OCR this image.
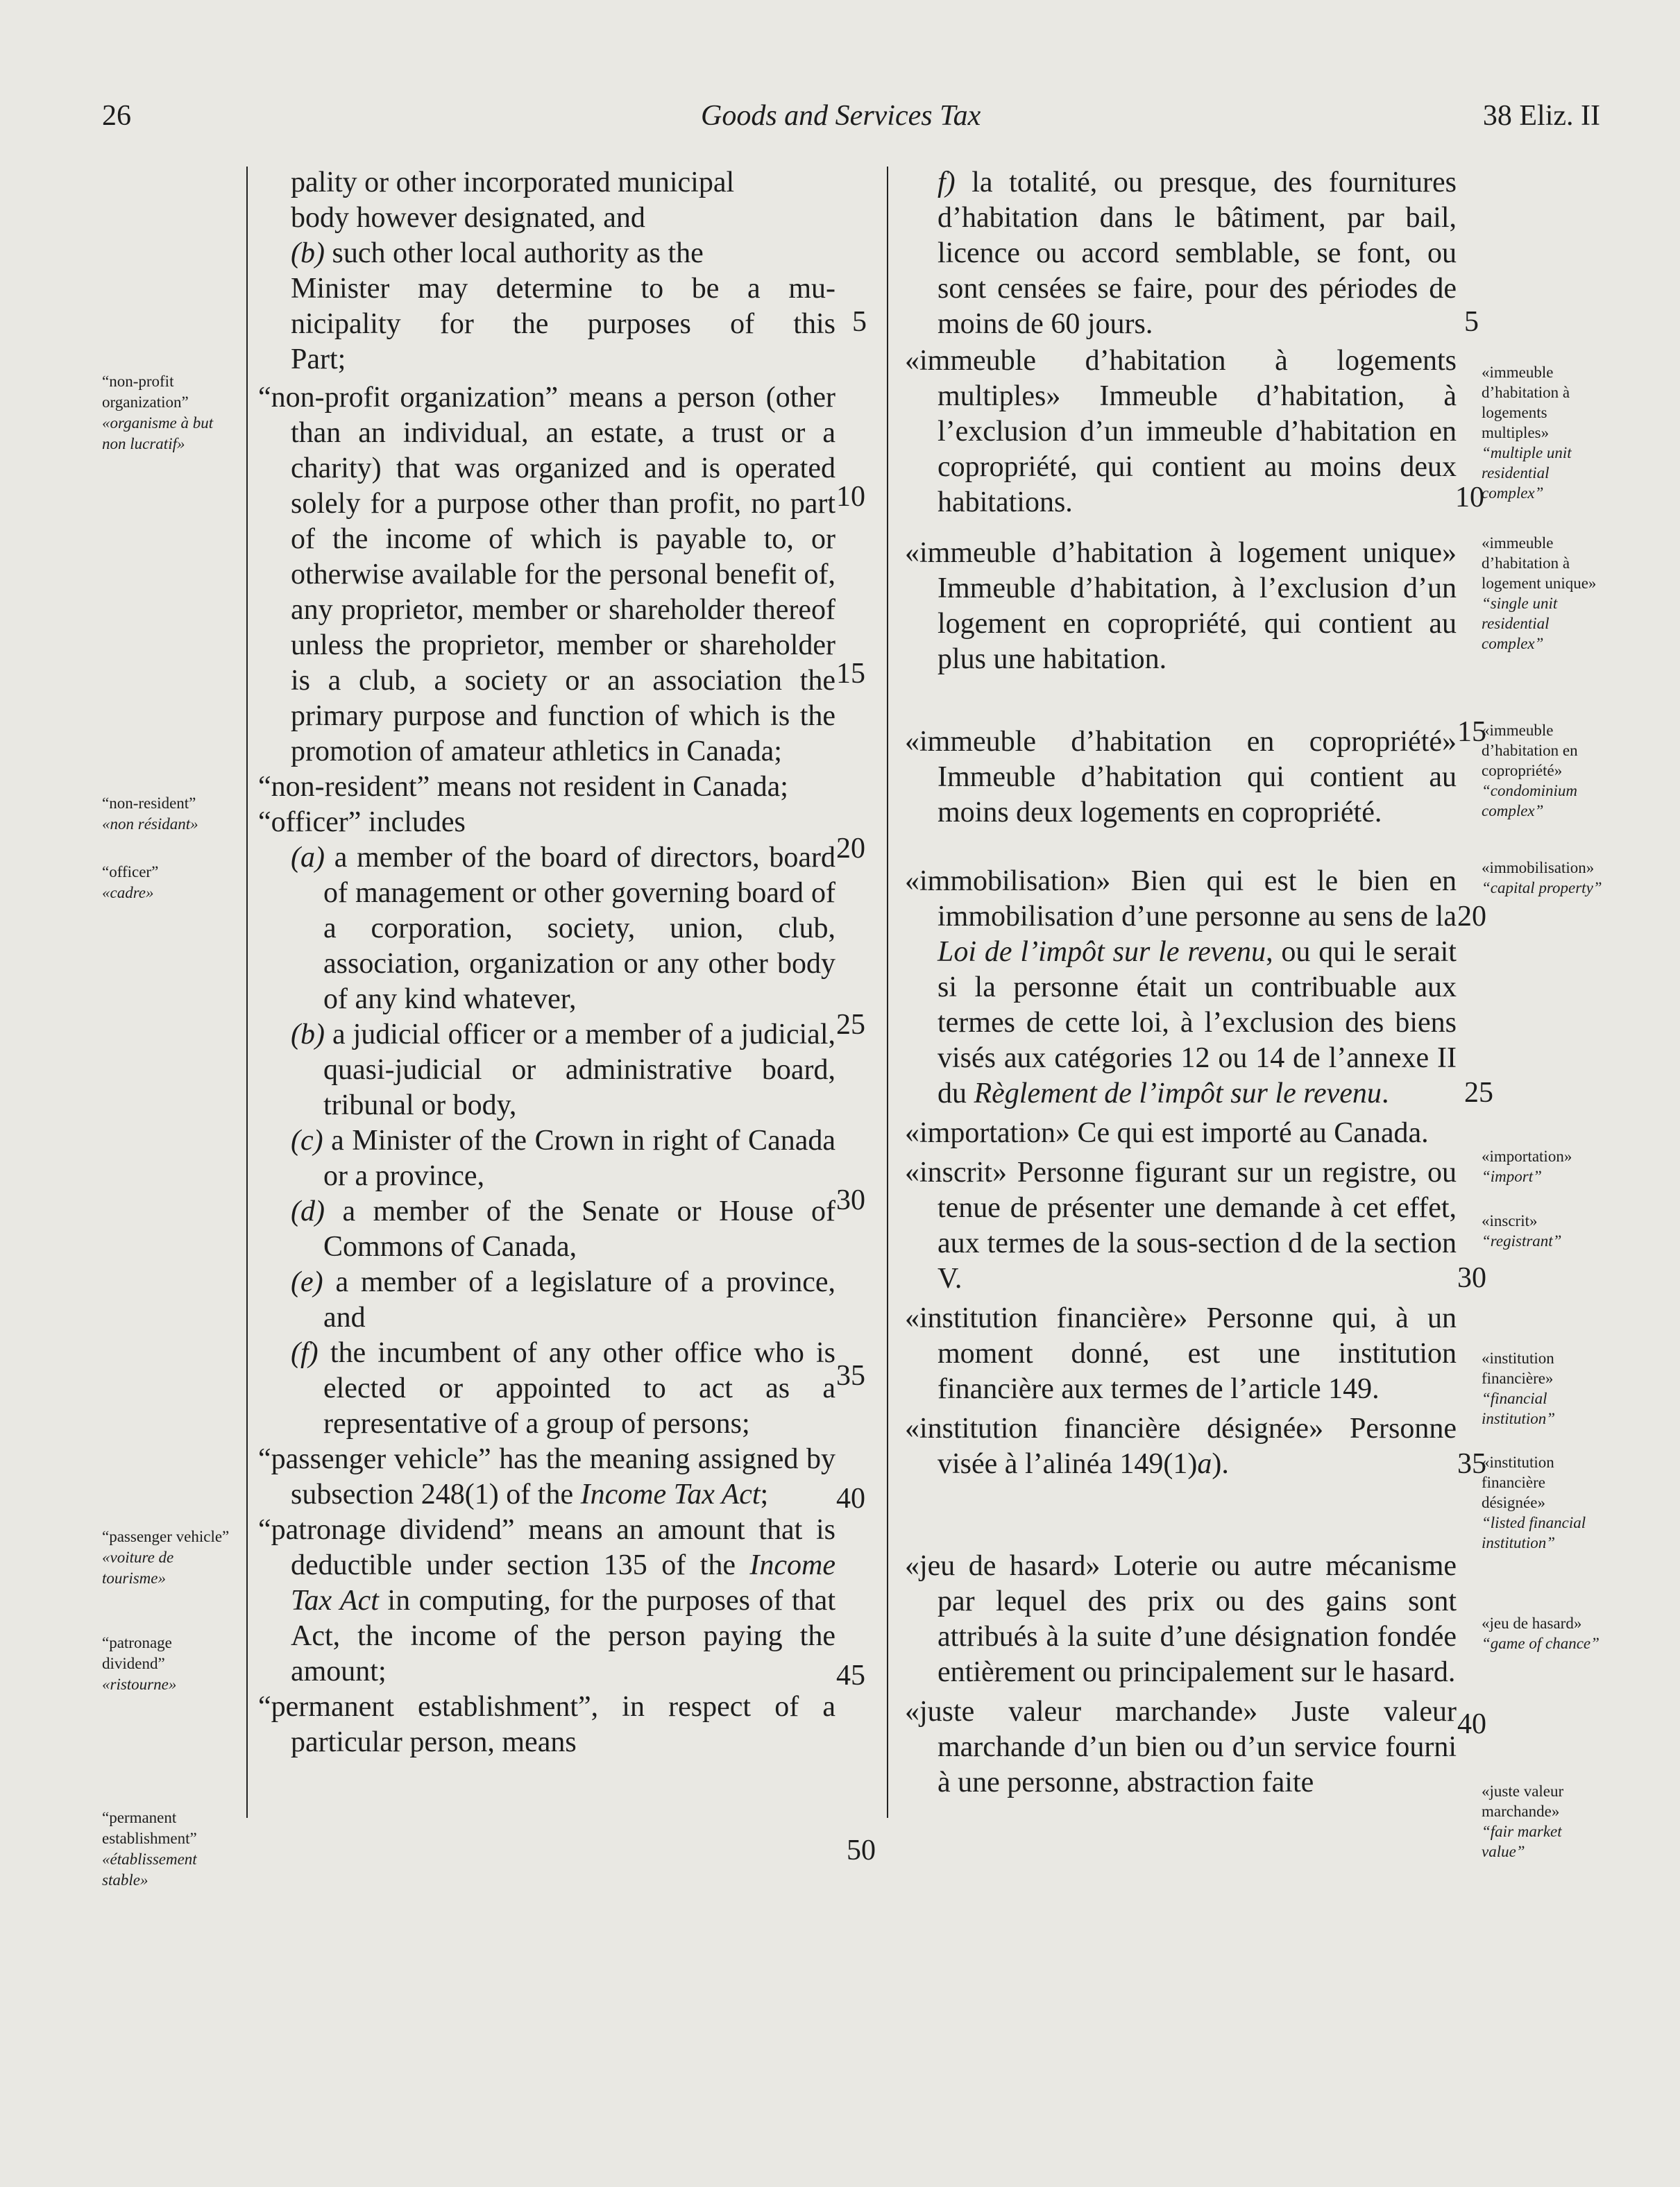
26	Goods and Services Tax	38 Eliz. II
“non-profit organization”
«organisme à but non lucratif»
“non-resident”
«non résidant»
“officer”
«cadre»
“passenger vehicle”
«voiture de tourisme»
“patronage dividend”
«ristourne»
“permanent establishment”
«établissement stable»
pality or other incorporated municipal
body however designated, and
(b) such other local authority as the
Minister may determine to be a mu-
nicipality for the purposes of this
Part;
“non-profit organization” means a person (other than an individual, an estate, a trust or a charity) that was organized and is operated solely for a purpose other than profit, no part of the income of which is payable to, or otherwise available for the personal benefit of, any proprietor, member or shareholder thereof unless the proprietor, member or shareholder is a club, a society or an association the primary purpose and function of which is the promotion of amateur athletics in Canada;
“non-resident” means not resident in Canada;
“officer” includes
(a) a member of the board of directors, board of management or other governing board of a corporation, society, union, club, association, organization or any other body of any kind whatever,
(b) a judicial officer or a member of a judicial, quasi-judicial or administrative board, tribunal or body,
(c) a Minister of the Crown in right of Canada or a province,
(d) a member of the Senate or House of Commons of Canada,
(e) a member of a legislature of a province, and
(f) the incumbent of any other office who is elected or appointed to act as a representative of a group of persons;
“passenger vehicle” has the meaning assigned by subsection 248(1) of the Income Tax Act;
“patronage dividend” means an amount that is deductible under section 135 of the Income Tax Act in computing, for the purposes of that Act, the income of the person paying the amount;
“permanent establishment”, in respect of a particular person, means
5
10
15
20
25
30
35
40
45
50
f) la totalité, ou presque, des fournitures d’habitation dans le bâtiment, par bail, licence ou accord semblable, se font, ou sont censées se faire, pour des périodes de moins de 60 jours.
«immeuble d’habitation à logements multiples» Immeuble d’habitation, à l’exclusion d’un immeuble d’habitation en copropriété, qui contient au moins deux habitations.
«immeuble d’habitation à logement unique» Immeuble d’habitation, à l’exclusion d’un logement en copropriété, qui contient au plus une habitation.
«immeuble d’habitation en copropriété» Immeuble d’habitation qui contient au moins deux logements en copropriété.
«immobilisation» Bien qui est le bien en immobilisation d’une personne au sens de la Loi de l’impôt sur le revenu, ou qui le serait si la personne était un contribuable aux termes de cette loi, à l’exclusion des biens visés aux catégories 12 ou 14 de l’annexe II du Règlement de l’impôt sur le revenu.
«importation» Ce qui est importé au Canada.
«inscrit» Personne figurant sur un registre, ou tenue de présenter une demande à cet effet, aux termes de la sous-section d de la section V.
«institution financière» Personne qui, à un moment donné, est une institution financière aux termes de l’article 149.
«institution financière désignée» Personne visée à l’alinéa 149(1)a).
«jeu de hasard» Loterie ou autre mécanisme par lequel des prix ou des gains sont attribués à la suite d’une désignation fondée entièrement ou principalement sur le hasard.
«juste valeur marchande» Juste valeur marchande d’un bien ou d’un service fourni à une personne, abstraction faite
5
10
15
20
25
30
35
40
«immeuble d’habitation à logements multiples»
“multiple unit residential complex”
«immeuble d’habitation à logement unique»
“single unit residential complex”
«immeuble d’habitation en copropriété»
“condominium complex”
«immobilisation»
“capital property”
«importation»
“import”
«inscrit»
“registrant”
«institution financière»
“financial institution”
«institution financière désignée»
“listed financial institution”
«jeu de hasard»
“game of chance”
«juste valeur marchande»
“fair market value”
